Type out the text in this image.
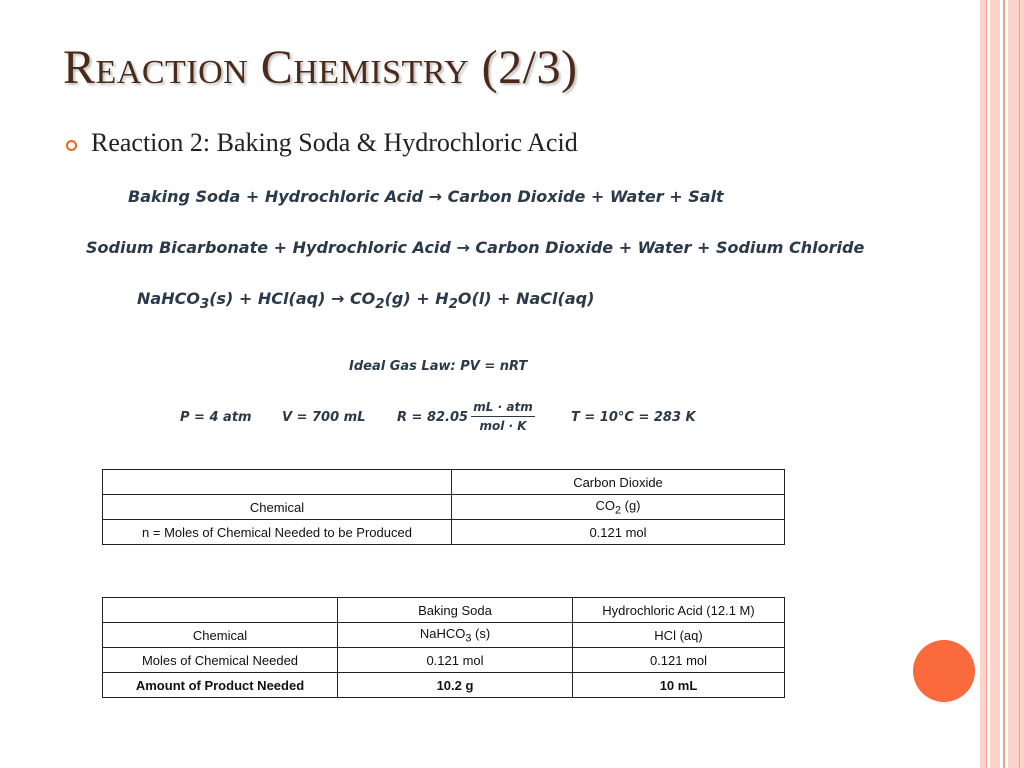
Reaction Chemistry (2/3)
Reaction 2: Baking Soda & Hydrochloric Acid
Baking Soda + Hydrochloric Acid → Carbon Dioxide + Water + Salt
Sodium Bicarbonate + Hydrochloric Acid → Carbon Dioxide + Water + Sodium Chloride
NaHCO$_3$(s) + $HCl(aq) \to CO_2(g) + H_2O(l)$ + NaCl(aq)
Ideal Gas Law: PV = nRT
P = 4 atm V = 700 mL R = 82.05
mL · atm
mol · K
T = 10°C = 283 K
	Carbon Dioxide
Chemical	$CO_2$ (g)
n = Moles of Chemical Needed to be Produced	0.121 mol
	Baking Soda	Hydrochloric Acid (12.1 M)
Chemical	NaHCO$_3$ (s)	HCl (aq)
Moles of Chemical Needed	0.121 mol	0.121 mol
Amount of Product Needed	10.2 g	10 mL
